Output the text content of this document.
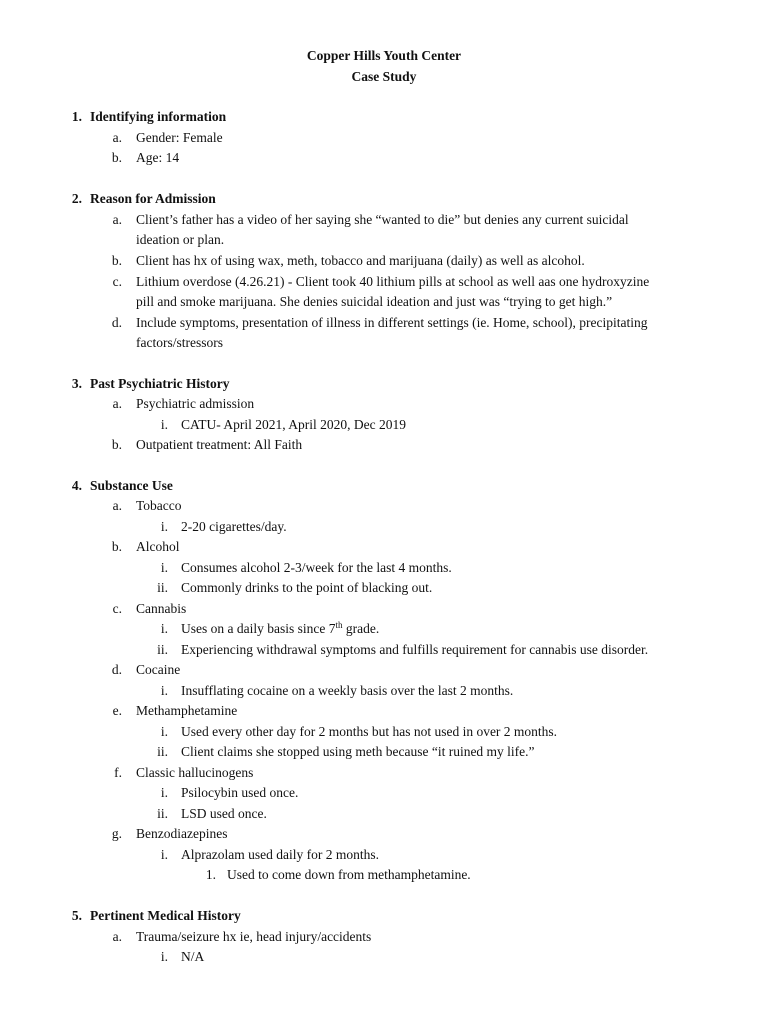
Copper Hills Youth Center
Case Study
1. Identifying information
a. Gender: Female
b. Age: 14
2. Reason for Admission
a. Client’s father has a video of her saying she “wanted to die” but denies any current suicidal
ideation or plan.
b. Client has hx of using wax, meth, tobacco and marijuana (daily) as well as alcohol.
c. Lithium overdose (4.26.21) - Client took 40 lithium pills at school as well aas one hydroxyzine
pill and smoke marijuana. She denies suicidal ideation and just was “trying to get high.”
d. Include symptoms, presentation of illness in different settings (ie. Home, school), precipitating
factors/stressors
3. Past Psychiatric History
a. Psychiatric admission
i. CATU- April 2021, April 2020, Dec 2019
b. Outpatient treatment: All Faith
4. Substance Use
a. Tobacco
i. 2-20 cigarettes/day.
b. Alcohol
i. Consumes alcohol 2-3/week for the last 4 months.
ii. Commonly drinks to the point of blacking out.
c. Cannabis
i. Uses on a daily basis since 7th grade.
ii. Experiencing withdrawal symptoms and fulfills requirement for cannabis use disorder.
d. Cocaine
i. Insufflating cocaine on a weekly basis over the last 2 months.
e. Methamphetamine
i. Used every other day for 2 months but has not used in over 2 months.
ii. Client claims she stopped using meth because “it ruined my life.”
f. Classic hallucinogens
i. Psilocybin used once.
ii. LSD used once.
g. Benzodiazepines
i. Alprazolam used daily for 2 months.
1. Used to come down from methamphetamine.
5. Pertinent Medical History
a. Trauma/seizure hx ie, head injury/accidents
i. N/A
